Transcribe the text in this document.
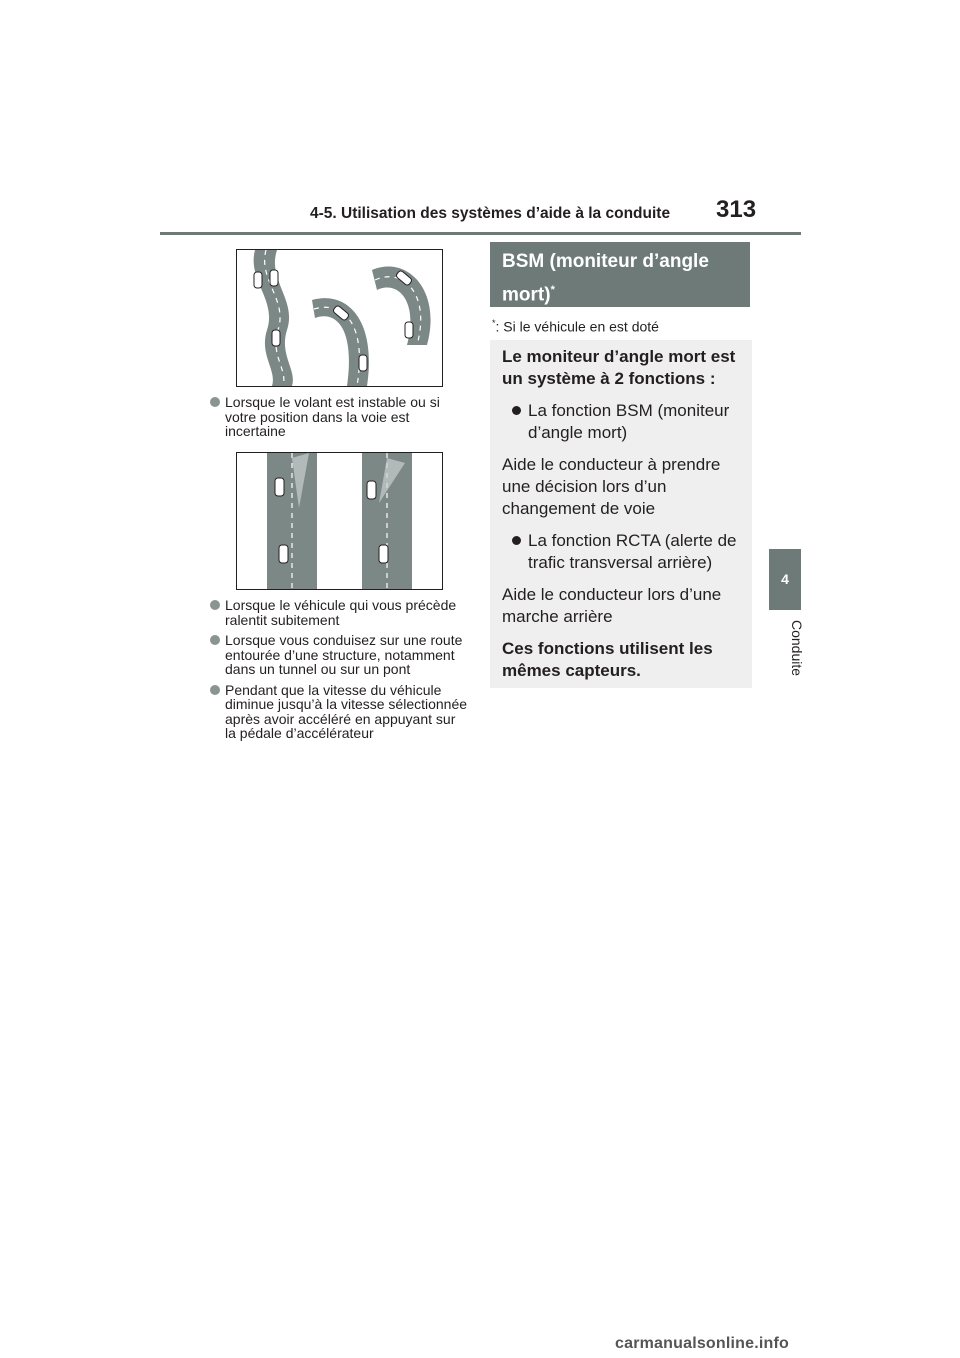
4-5. Utilisation des systèmes d’aide à la conduite	313
4
Conduite
Lorsque le volant est instable ou si votre position dans la voie est incertaine
Lorsque le véhicule qui vous précède ralentit subitement
Lorsque vous conduisez sur une route entourée d’une structure, notamment dans un tunnel ou sur un pont
Pendant que la vitesse du véhicule diminue jusqu’à la vitesse sélectionnée après avoir accéléré en appuyant sur la pédale d’accélérateur
BSM (moniteur d’angle mort)*
*: Si le véhicule en est doté

Le moniteur d’angle mort est un système à 2 fonctions :

La fonction BSM (moniteur d’angle mort)

Aide le conducteur à prendre une décision lors d’un changement de voie

La fonction RCTA (alerte de trafic transversal arrière)

Aide le conducteur lors d’une marche arrière

Ces fonctions utilisent les mêmes capteurs.

carmanualsonline.info
